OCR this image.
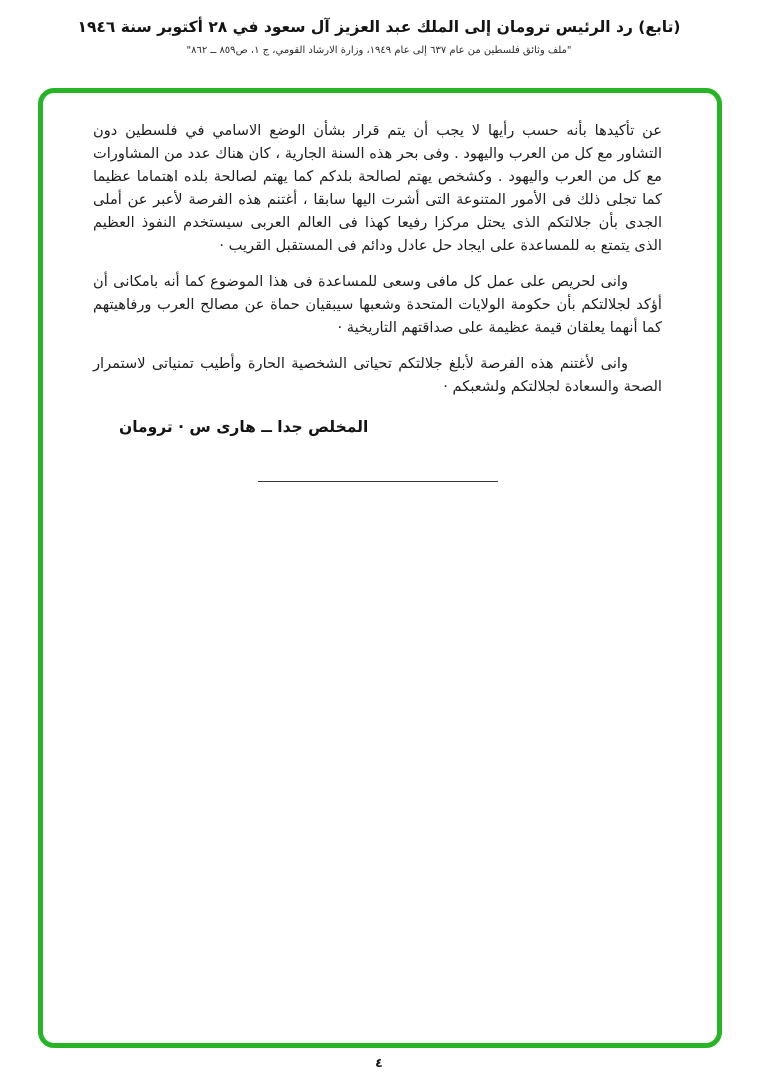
(تابع) رد الرئيس ترومان إلى الملك عبد العزيز آل سعود في ٢٨ أكتوبر سنة ١٩٤٦
"ملف وثائق فلسطين من عام ٦٣٧ إلى عام ١٩٤٩، وزارة الارشاد القومي، ج ١، ص٨٥٩ ــ ٨٦٢"

عن تأكيدها بأنه حسب رأيها لا يجب أن يتم قرار بشأن الوضع الاسامي في فلسطين دون التشاور مع كل من العرب واليهود . وفى بحر هذه السنة الجارية ، كان هناك عدد من المشاورات مع كل من العرب واليهود . وكشخص يهتم لصالحة بلدكم كما يهتم لصالحة بلده اهتماما عظيما كما تجلى ذلك فى الأمور المتنوعة التى أشرت اليها سابقا ، أغتنم هذه الفرصة لأعبر عن أملى الجدى بأن جلالتكم الذى يحتل مركزا رفيعا كهذا فى العالم العربى سيستخدم النفوذ العظيم الذى يتمتع به للمساعدة على ايجاد حل عادل ودائم فى المستقبل القريب ·

وانى لحريص على عمل كل مافى وسعى للمساعدة فى هذا الموضوع كما أنه بامكانى أن أؤكد لجلالتكم بأن حكومة الولايات المتحدة وشعبها سيبقيان حماة عن مصالح العرب ورفاهيتهم كما أنهما يعلقان قيمة عظيمة على صداقتهم التاريخية ·

وانى لأغتنم هذه الفرصة لأبلغ جلالتكم تحياتى الشخصية الحارة وأطيب تمنياتى لاستمرار الصحة والسعادة لجلالتكم ولشعبكم ·

المخلص جدا ــ هارى س · ترومان
٤
